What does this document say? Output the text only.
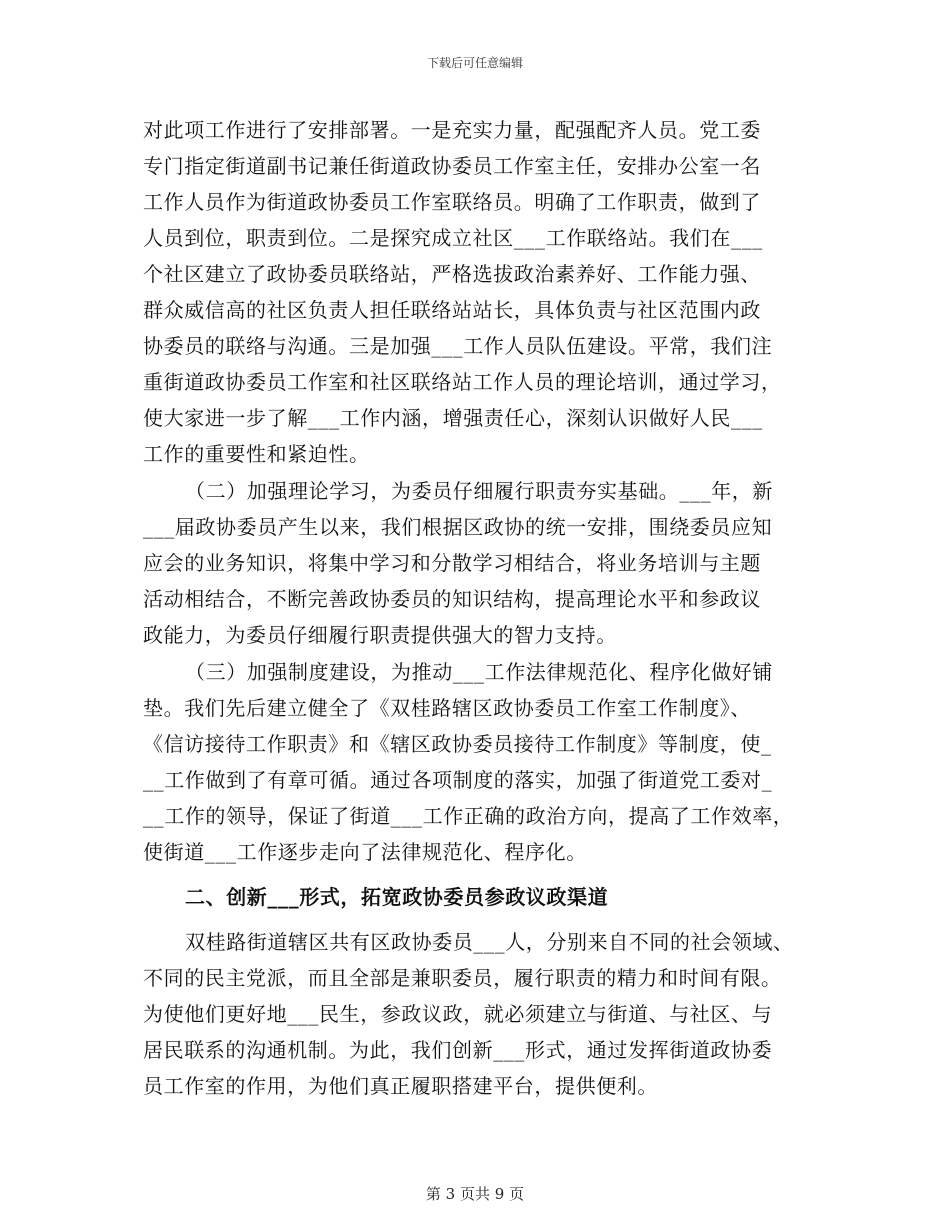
下载后可任意编辑
对此项工作进行了安排部署。一是充实力量，配强配齐人员。党工委
专门指定街道副书记兼任街道政协委员工作室主任，安排办公室一名
工作人员作为街道政协委员工作室联络员。明确了工作职责，做到了
人员到位，职责到位。二是探究成立社区___工作联络站。我们在___
个社区建立了政协委员联络站，严格选拔政治素养好、工作能力强、
群众威信高的社区负责人担任联络站站长，具体负责与社区范围内政
协委员的联络与沟通。三是加强___工作人员队伍建设。平常，我们注
重街道政协委员工作室和社区联络站工作人员的理论培训，通过学习，
使大家进一步了解___工作内涵，增强责任心，深刻认识做好人民___
工作的重要性和紧迫性。
（二）加强理论学习，为委员仔细履行职责夯实基础。___年，新
___届政协委员产生以来，我们根据区政协的统一安排，围绕委员应知
应会的业务知识，将集中学习和分散学习相结合，将业务培训与主题
活动相结合，不断完善政协委员的知识结构，提高理论水平和参政议
政能力，为委员仔细履行职责提供强大的智力支持。
（三）加强制度建设，为推动___工作法律规范化、程序化做好铺
垫。我们先后建立健全了《双桂路辖区政协委员工作室工作制度》、
《信访接待工作职责》和《辖区政协委员接待工作制度》等制度，使_
__工作做到了有章可循。通过各项制度的落实，加强了街道党工委对_
__工作的领导，保证了街道___工作正确的政治方向，提高了工作效率，
使街道___工作逐步走向了法律规范化、程序化。
二、创新___形式，拓宽政协委员参政议政渠道
双桂路街道辖区共有区政协委员___人，分别来自不同的社会领域、
不同的民主党派，而且全部是兼职委员，履行职责的精力和时间有限。
为使他们更好地___民生，参政议政，就必须建立与街道、与社区、与
居民联系的沟通机制。为此，我们创新___形式，通过发挥街道政协委
员工作室的作用，为他们真正履职搭建平台，提供便利。
第 3 页共 9 页
